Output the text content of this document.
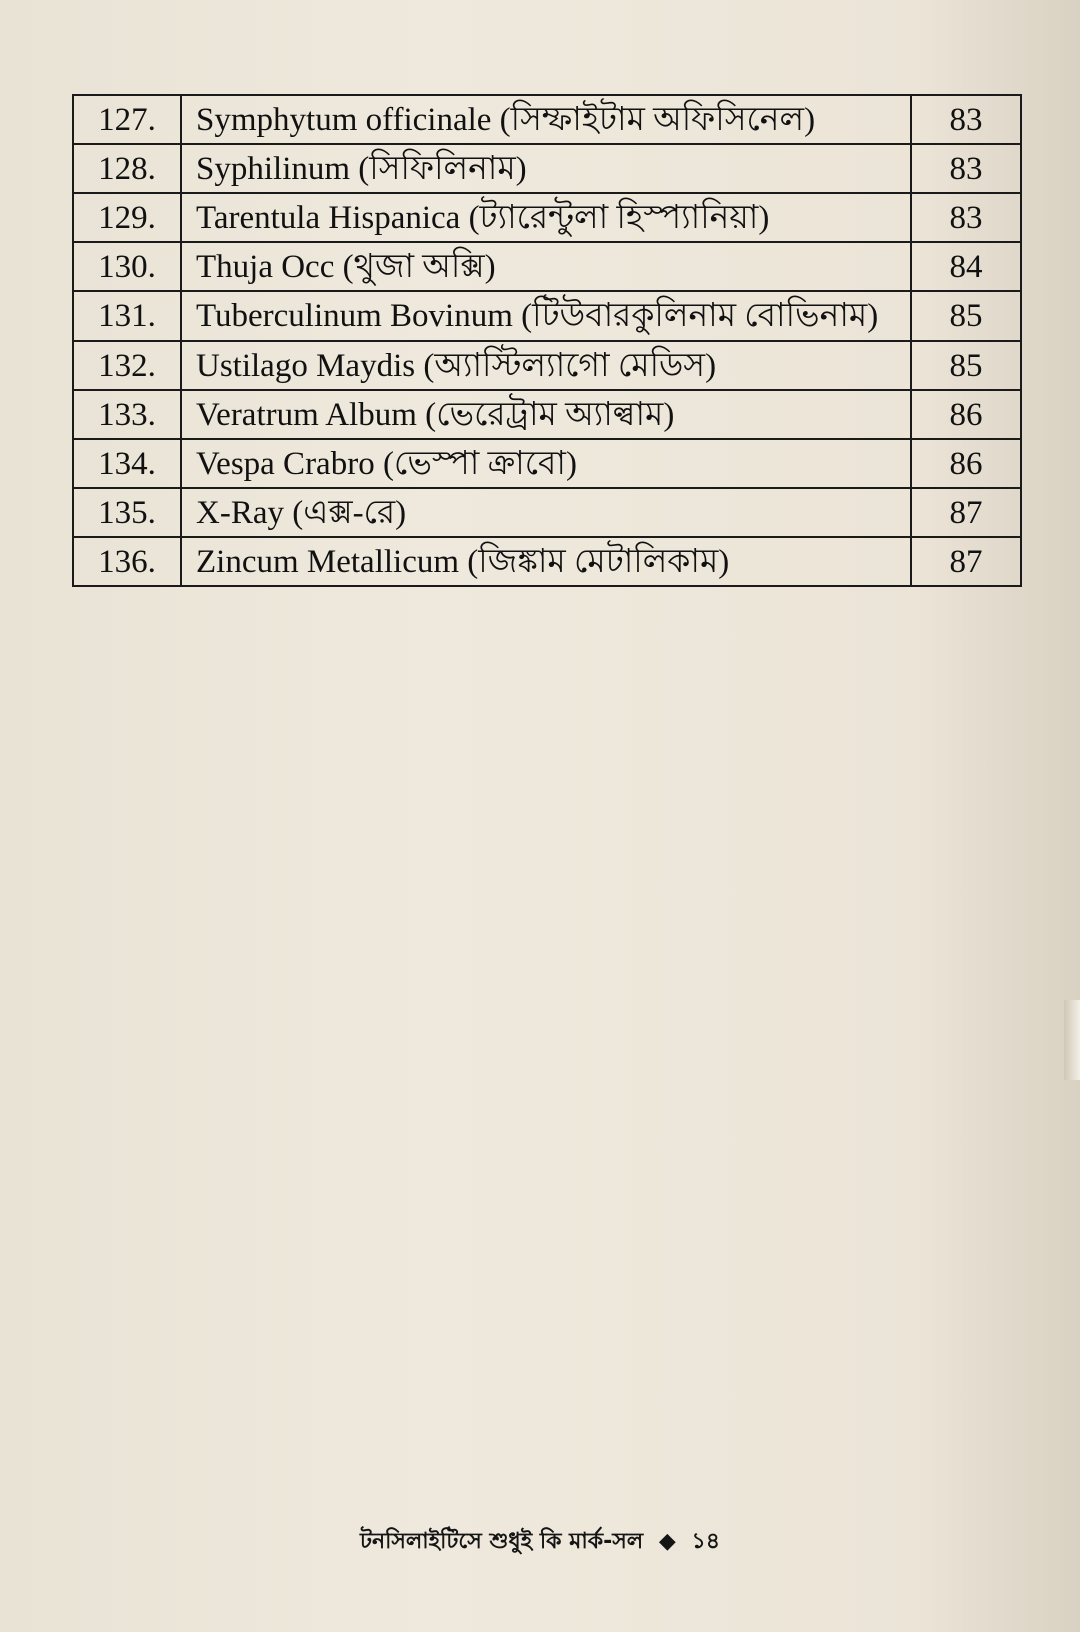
127.	Symphytum officinale (সিম্ফাইটাম অফিসিনেল)	83
128.	Syphilinum (সিফিলিনাম)	83
129.	Tarentula Hispanica (ট্যারেন্টুলা হিস্প্যানিয়া)	83
130.	Thuja Occ (থুজা অক্সি)	84
131.	Tuberculinum Bovinum (টিউবারকুলিনাম বোভিনাম)	85
132.	Ustilago Maydis (অ্যাস্টিল্যাগো মেডিস)	85
133.	Veratrum Album (ভেরেট্রাম অ্যাল্বাম)	86
134.	Vespa Crabro (ভেস্পা ক্রাবো)	86
135.	X-Ray (এক্স-রে)	87
136.	Zincum Metallicum (জিঙ্কাম মেটালিকাম)	87
টনসিলাইটিসে শুধুই কি মার্ক-সল ◆ ১৪
